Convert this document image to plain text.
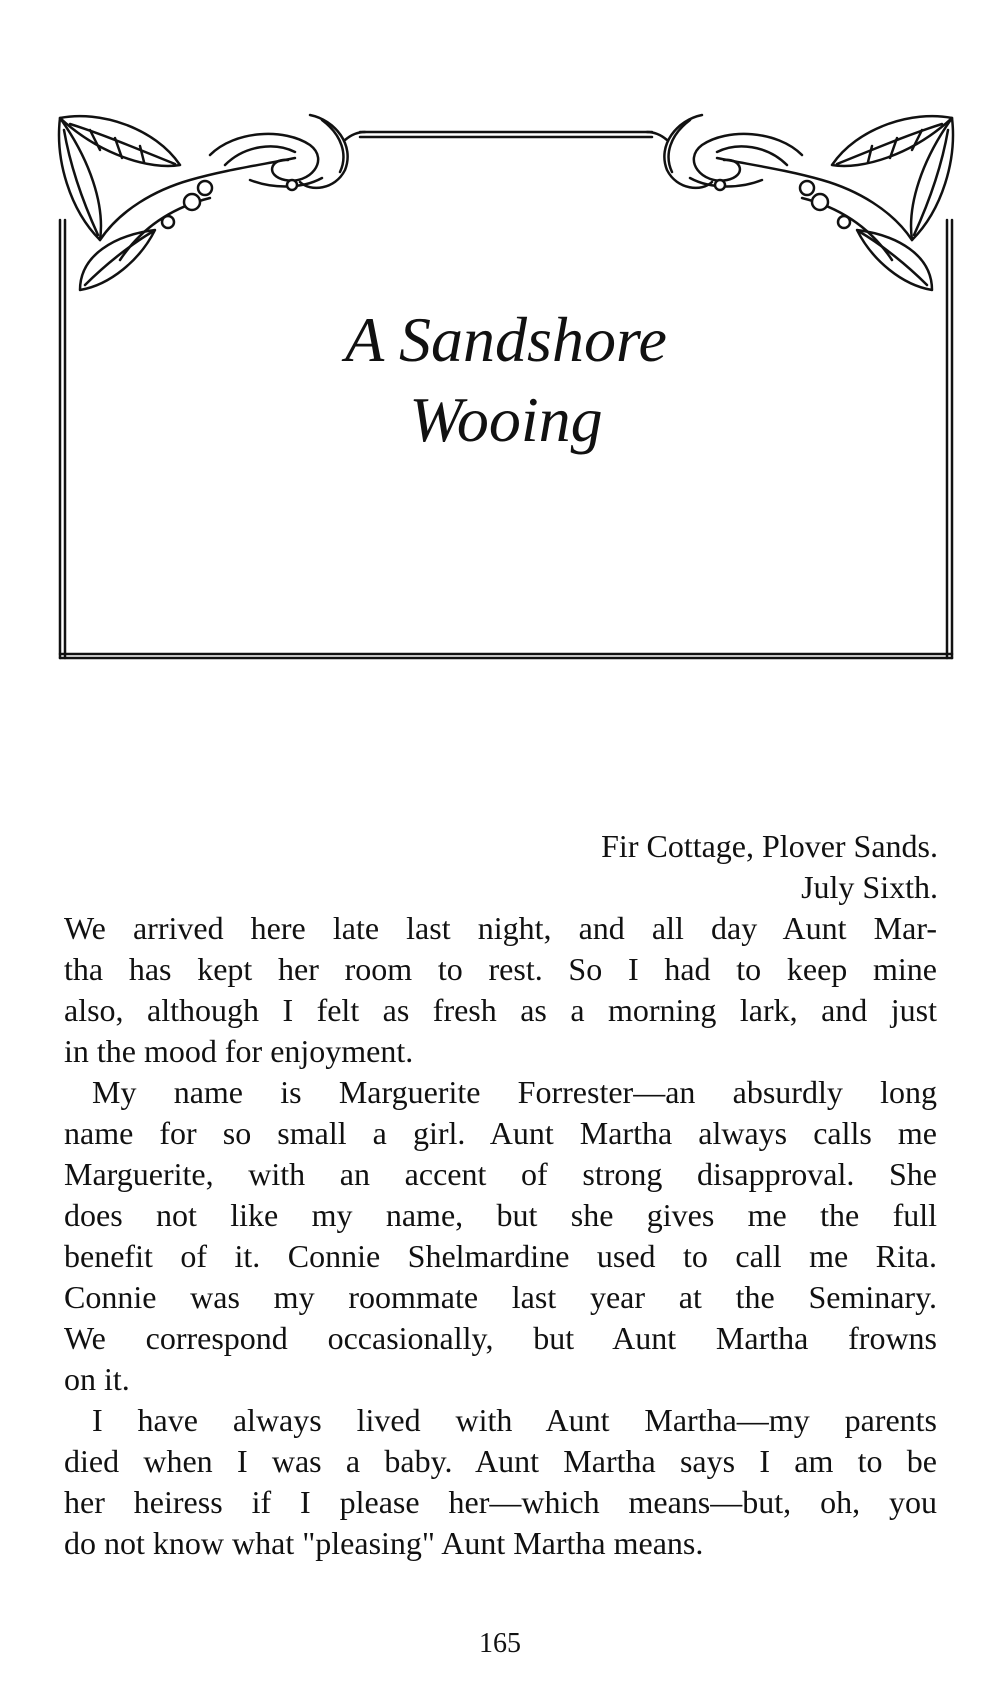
A Sandshore
Wooing
Fir Cottage, Plover Sands.
July Sixth.

We arrived here late last night, and all day Aunt Mar-
tha has kept her room to rest. So I had to keep mine
also, although I felt as fresh as a morning lark, and just
in the mood for enjoyment.

My name is Marguerite Forrester—an absurdly long
name for so small a girl. Aunt Martha always calls me
Marguerite, with an accent of strong disapproval. She
does not like my name, but she gives me the full
benefit of it. Connie Shelmardine used to call me Rita.
Connie was my roommate last year at the Seminary.
We correspond occasionally, but Aunt Martha frowns
on it.

I have always lived with Aunt Martha—my parents
died when I was a baby. Aunt Martha says I am to be
her heiress if I please her—which means—but, oh, you
do not know what "pleasing" Aunt Martha means.

165
